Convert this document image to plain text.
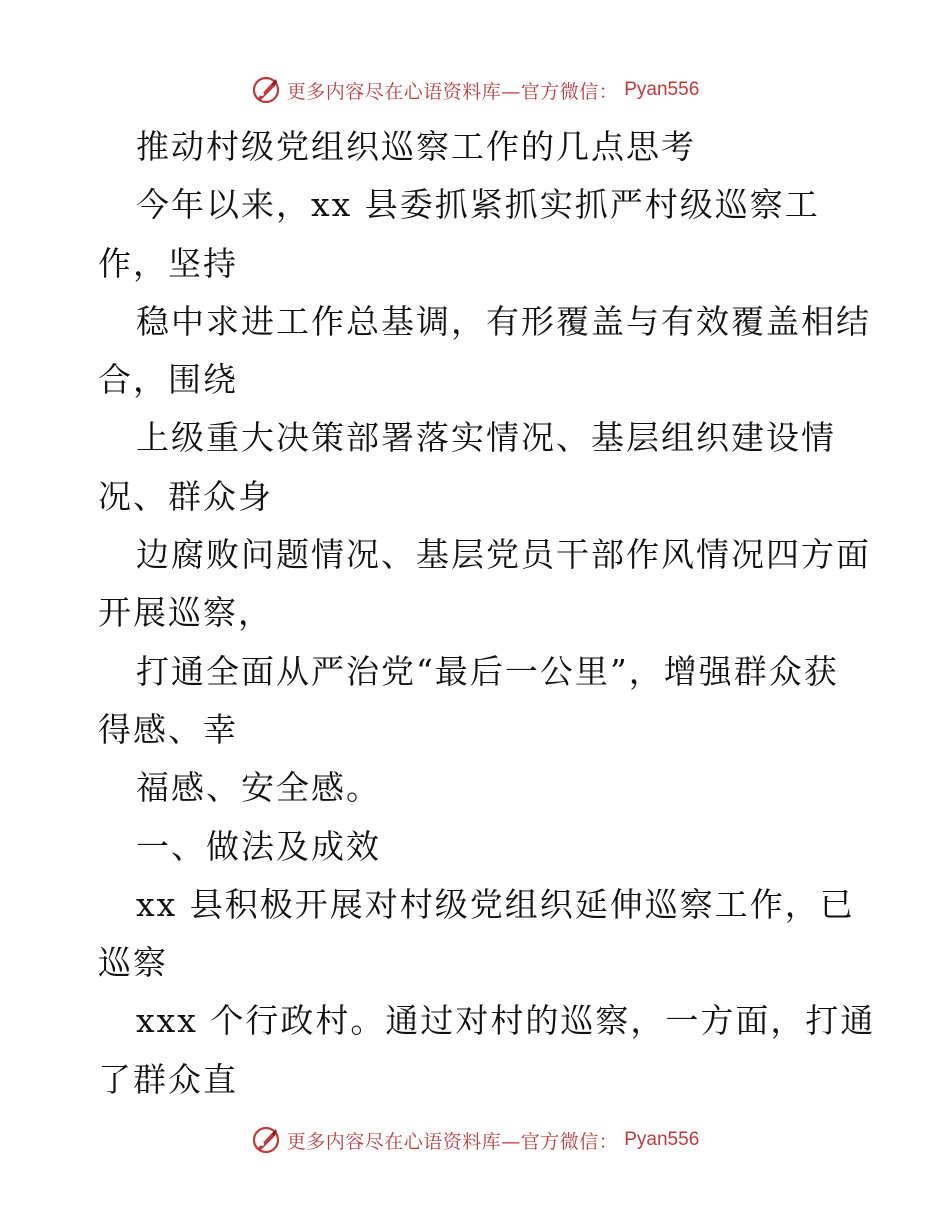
更多内容尽在心语资料库—官方微信： Pyan556
推动村级党组织巡察工作的几点思考
今年以来，xx 县委抓紧抓实抓严村级巡察工
作，坚持
稳中求进工作总基调，有形覆盖与有效覆盖相结
合，围绕
上级重大决策部署落实情况、基层组织建设情
况、群众身
边腐败问题情况、基层党员干部作风情况四方面
开展巡察，
打通全面从严治党“最后一公里”，增强群众获
得感、幸
福感、安全感。
一、做法及成效
xx 县积极开展对村级党组织延伸巡察工作，已
巡察
xxx 个行政村。通过对村的巡察，一方面，打通
了群众直
更多内容尽在心语资料库—官方微信： Pyan556
